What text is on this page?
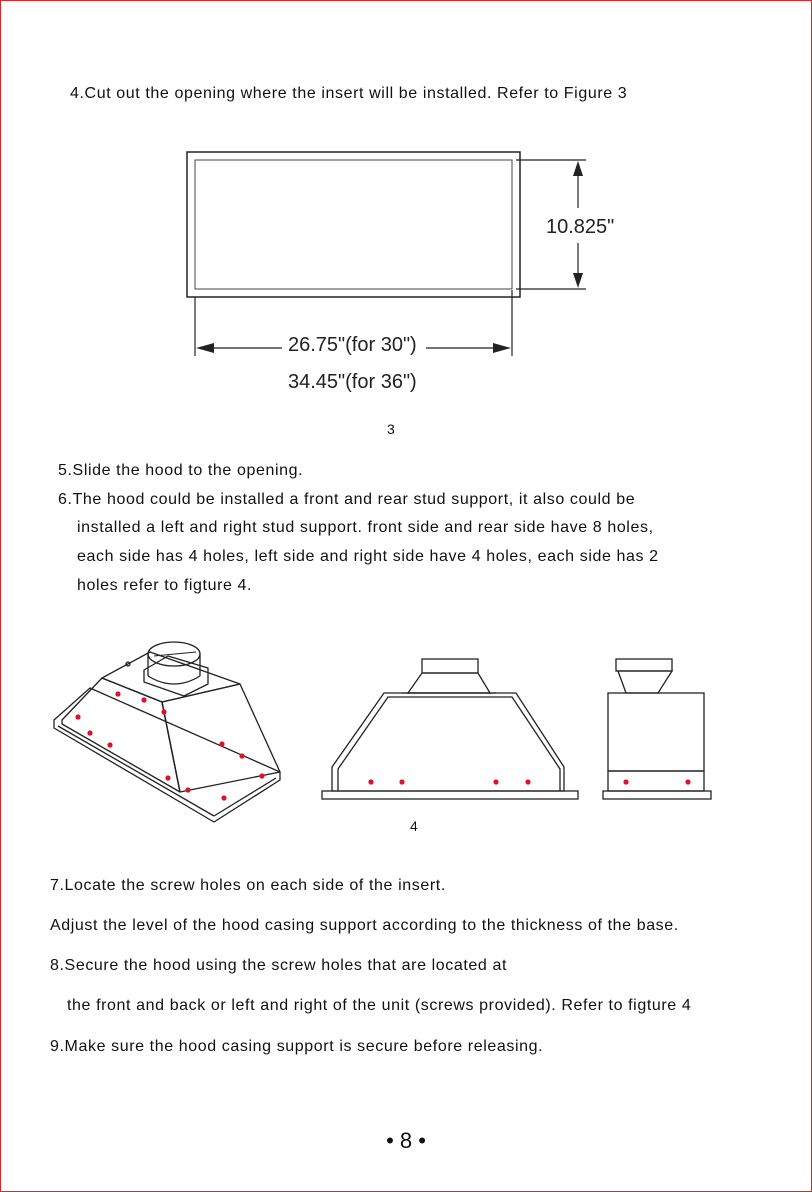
4.Cut out the opening where the insert will be installed. Refer to Figure 3
10.825"
26.75"(for 30")
34.45"(for 36")
3
5.Slide the hood to the opening.
6.The hood could be installed a front and rear stud support, it also could be
installed a left and right stud support. front side and rear side have 8 holes,
each side has 4 holes, left side and right side have 4 holes, each side has 2
holes refer to figture 4.
4
7.Locate the screw holes on each side of the insert.
Adjust the level of the hood casing support according to the thickness of the base.
8.Secure the hood using the screw holes that are located at
the front and back or left and right of the unit (screws provided). Refer to figture 4
9.Make sure the hood casing support is secure before releasing.
• 8 •
